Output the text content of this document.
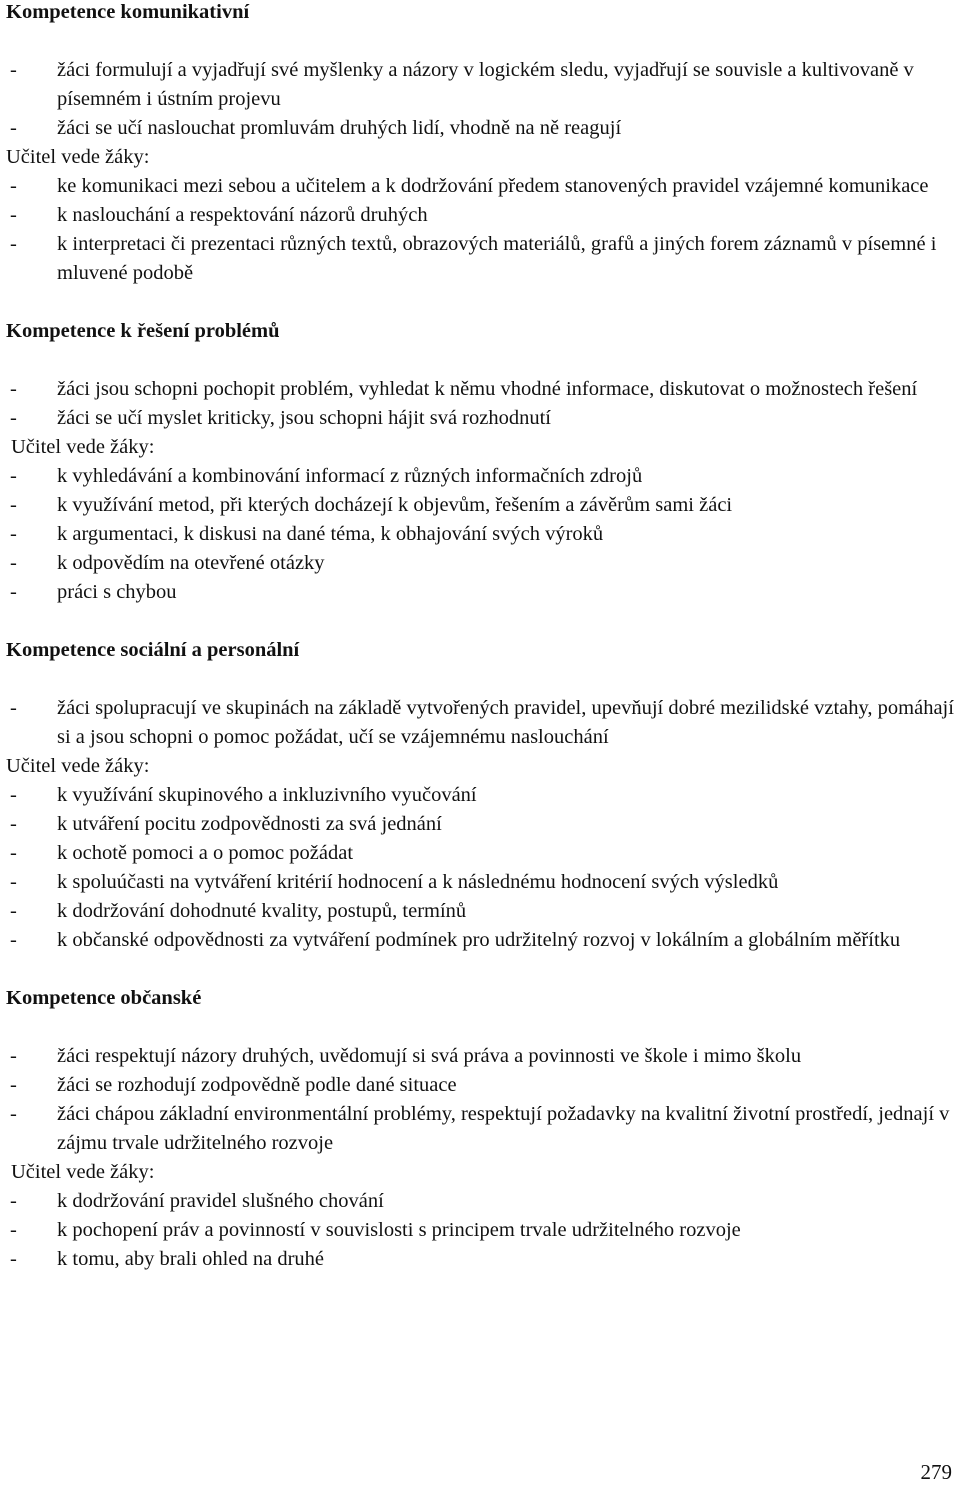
Kompetence komunikativní
- žáci formulují a vyjadřují své myšlenky a názory v logickém sledu, vyjadřují se souvisle a kultivovaně v písemném i ústním projevu
- žáci se učí naslouchat promluvám druhých lidí, vhodně na ně reagují

Učitel vede žáky:

- ke komunikaci mezi sebou a učitelem a k dodržování předem stanovených pravidel vzájemné komunikace
- k naslouchání a respektování názorů druhých
- k interpretaci či prezentaci různých textů, obrazových materiálů, grafů a jiných forem záznamů v písemné i mluvené podobě
Kompetence k řešení problémů
- žáci jsou schopni pochopit problém, vyhledat k němu vhodné informace, diskutovat o možnostech řešení
- žáci se učí myslet kriticky, jsou schopni hájit svá rozhodnutí

Učitel vede žáky:

- k vyhledávání a kombinování informací z různých informačních zdrojů
- k využívání metod, při kterých docházejí k objevům, řešením a závěrům sami žáci
- k argumentaci, k diskusi na dané téma, k obhajování svých výroků
- k odpovědím na otevřené otázky
- práci s chybou
Kompetence sociální a personální
- žáci spolupracují ve skupinách na základě vytvořených pravidel, upevňují dobré mezilidské vztahy, pomáhají si a jsou schopni o pomoc požádat, učí se vzájemnému naslouchání

Učitel vede žáky:

- k využívání skupinového a inkluzivního vyučování
- k utváření pocitu zodpovědnosti za svá jednání
- k ochotě pomoci a o pomoc požádat
- k spoluúčasti na vytváření kritérií hodnocení a k následnému hodnocení svých výsledků
- k dodržování dohodnuté kvality, postupů, termínů
- k občanské odpovědnosti za vytváření podmínek pro udržitelný rozvoj v lokálním a globálním měřítku
Kompetence občanské
- žáci respektují názory druhých, uvědomují si svá práva a povinnosti ve škole i mimo školu
- žáci se rozhodují zodpovědně podle dané situace
- žáci chápou základní environmentální problémy, respektují požadavky na kvalitní životní prostředí, jednají v zájmu trvale udržitelného rozvoje

Učitel vede žáky:

- k dodržování pravidel slušného chování
- k pochopení práv a povinností v souvislosti s principem trvale udržitelného rozvoje
- k tomu, aby brali ohled na druhé
279
